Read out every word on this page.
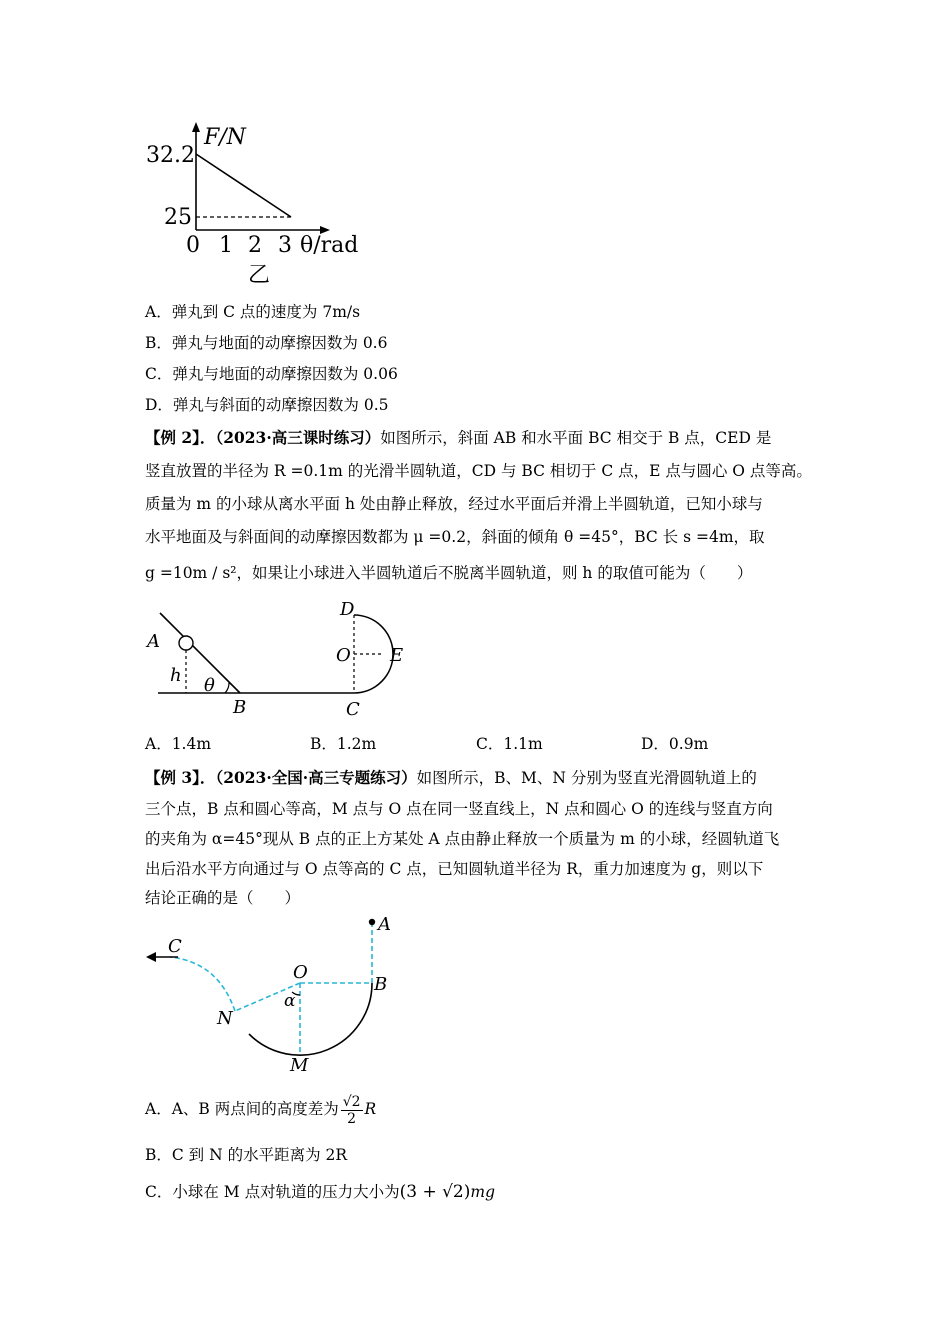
F/N
32.2
25
0 1 2 3 θ/rad
乙
A．弹丸到 C 点的速度为 7m/s
B．弹丸与地面的动摩擦因数为 0.6
C．弹丸与地面的动摩擦因数为 0.06
D．弹丸与斜面的动摩擦因数为 0.5
【例 2】．（2023·高三课时练习）如图所示，斜面 AB 和水平面 BC 相交于 B 点，CED 是
竖直放置的半径为 R =0.1m 的光滑半圆轨道，CD 与 BC 相切于 C 点，E 点与圆心 O 点等高。
质量为 m 的小球从离水平面 h 处由静止释放，经过水平面后并滑上半圆轨道，已知小球与
水平地面及与斜面间的动摩擦因数都为 μ =0.2，斜面的倾角 θ =45°，BC 长 s =4m，取
g =10m / s²，如果让小球进入半圆轨道后不脱离半圆轨道，则 h 的取值可能为（　　）
A
h θ
B	C
D
O E
A．1.4m	B．1.2m	C．1.1m	D．0.9m
【例 3】．（2023·全国·高三专题练习）如图所示，B、M、N 分别为竖直光滑圆轨道上的
三个点，B 点和圆心等高，M 点与 O 点在同一竖直线上，N 点和圆心 O 的连线与竖直方向
的夹角为 α=45°现从 B 点的正上方某处 A 点由静止释放一个质量为 m 的小球，经圆轨道飞
出后沿水平方向通过与 O 点等高的 C 点，已知圆轨道半径为 R，重力加速度为 g，则以下
结论正确的是（　　）
A
B
C
O
α
N
M
A．A、B 两点间的高度差为 $\frac{√2}{2}$ R
B．C 到 N 的水平距离为 2R
C．小球在 M 点对轨道的压力大小为(3 + √2)mg
